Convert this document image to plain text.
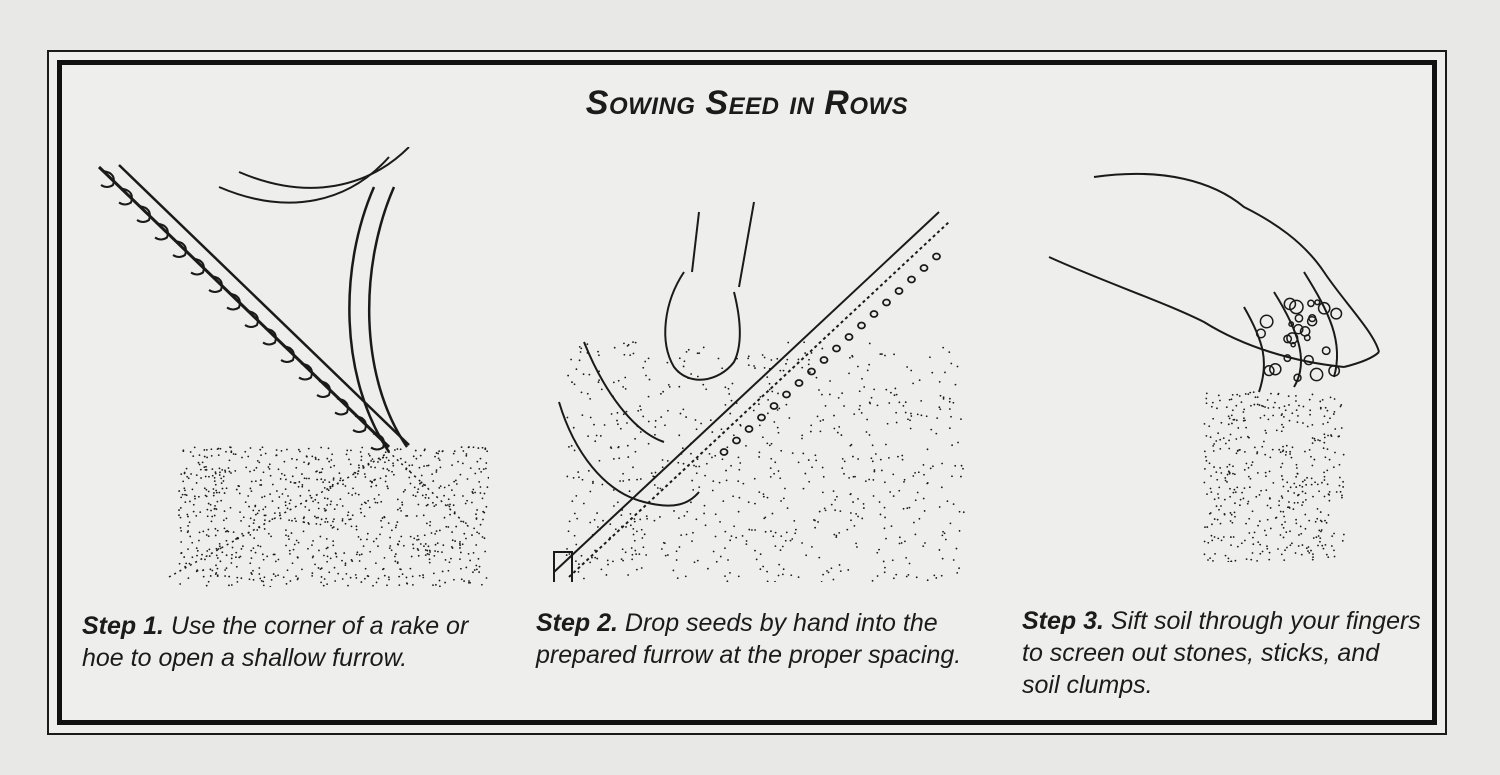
Sowing Seed in Rows
Step 1. Use the corner of a rake or hoe to open a shallow furrow.
Step 2. Drop seeds by hand into the prepared furrow at the proper spacing.
Step 3. Sift soil through your fingers to screen out stones, sticks, and soil clumps.
